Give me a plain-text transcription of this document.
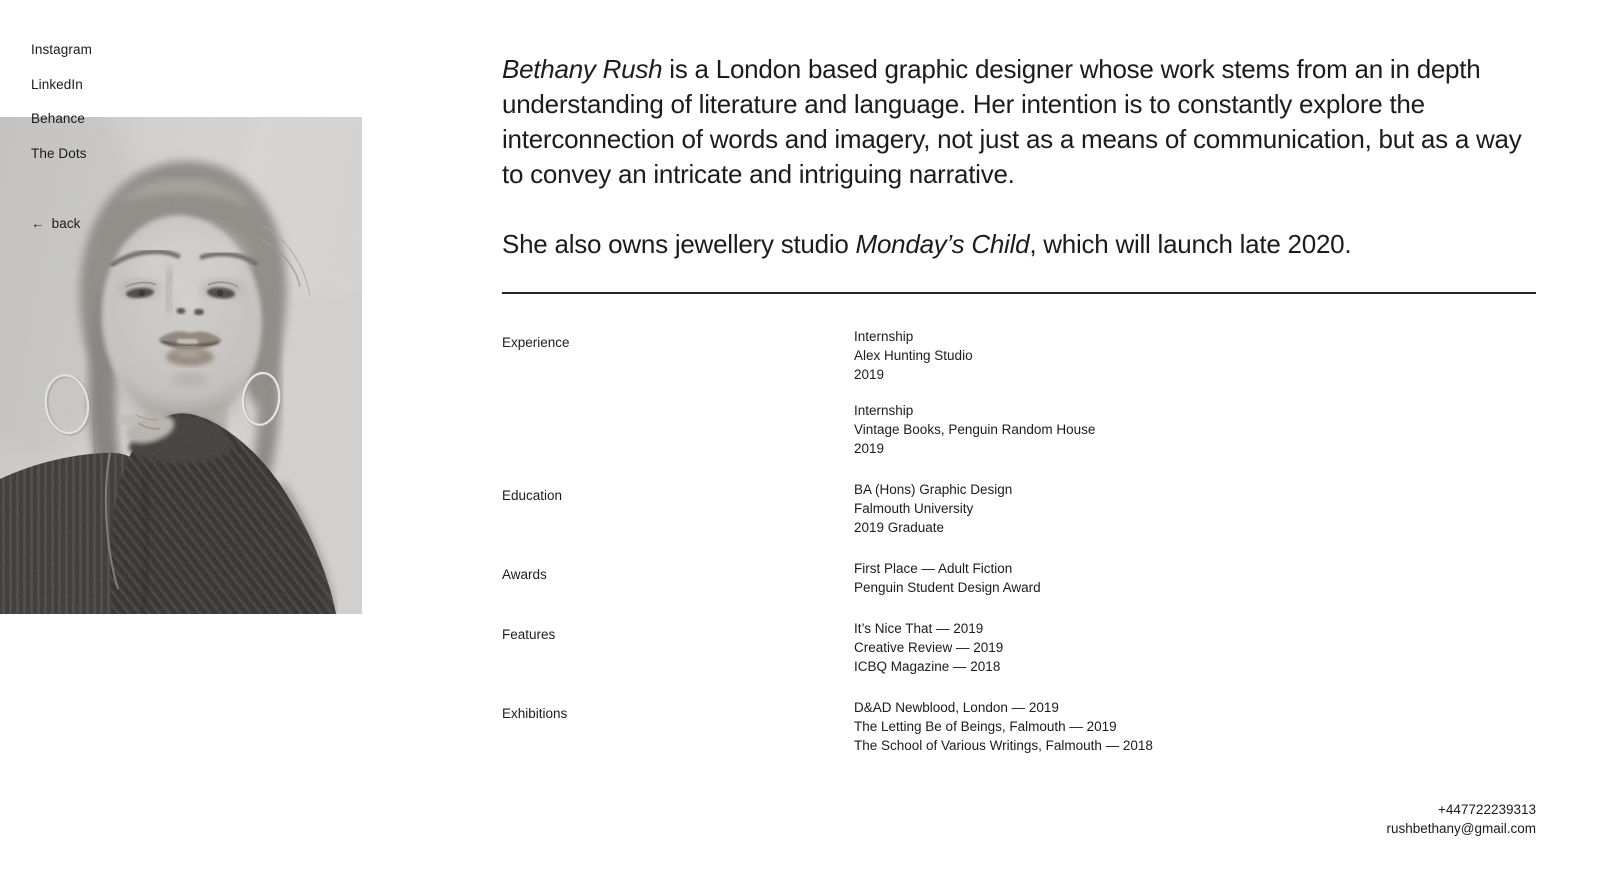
Instagram
LinkedIn
Behance
The Dots
← back

Bethany Rush is a London based graphic designer whose work stems from an in depth understanding of literature and language. Her intention is to constantly explore the interconnection of words and imagery, not just as a means of communication, but as a way to convey an intricate and intriguing narrative.

She also owns jewellery studio Monday’s Child, which will launch late 2020.

Experience	Internship
Alex Hunting Studio
2019
Internship
Vintage Books, Penguin Random House
2019
Education	BA (Hons) Graphic Design
Falmouth University
2019 Graduate
Awards	First Place — Adult Fiction
Penguin Student Design Award
Features	It’s Nice That — 2019
Creative Review — 2019
ICBQ Magazine — 2018
Exhibitions	D&AD Newblood, London — 2019
The Letting Be of Beings, Falmouth — 2019
The School of Various Writings, Falmouth — 2018
+447722239313
rushbethany@gmail.com
